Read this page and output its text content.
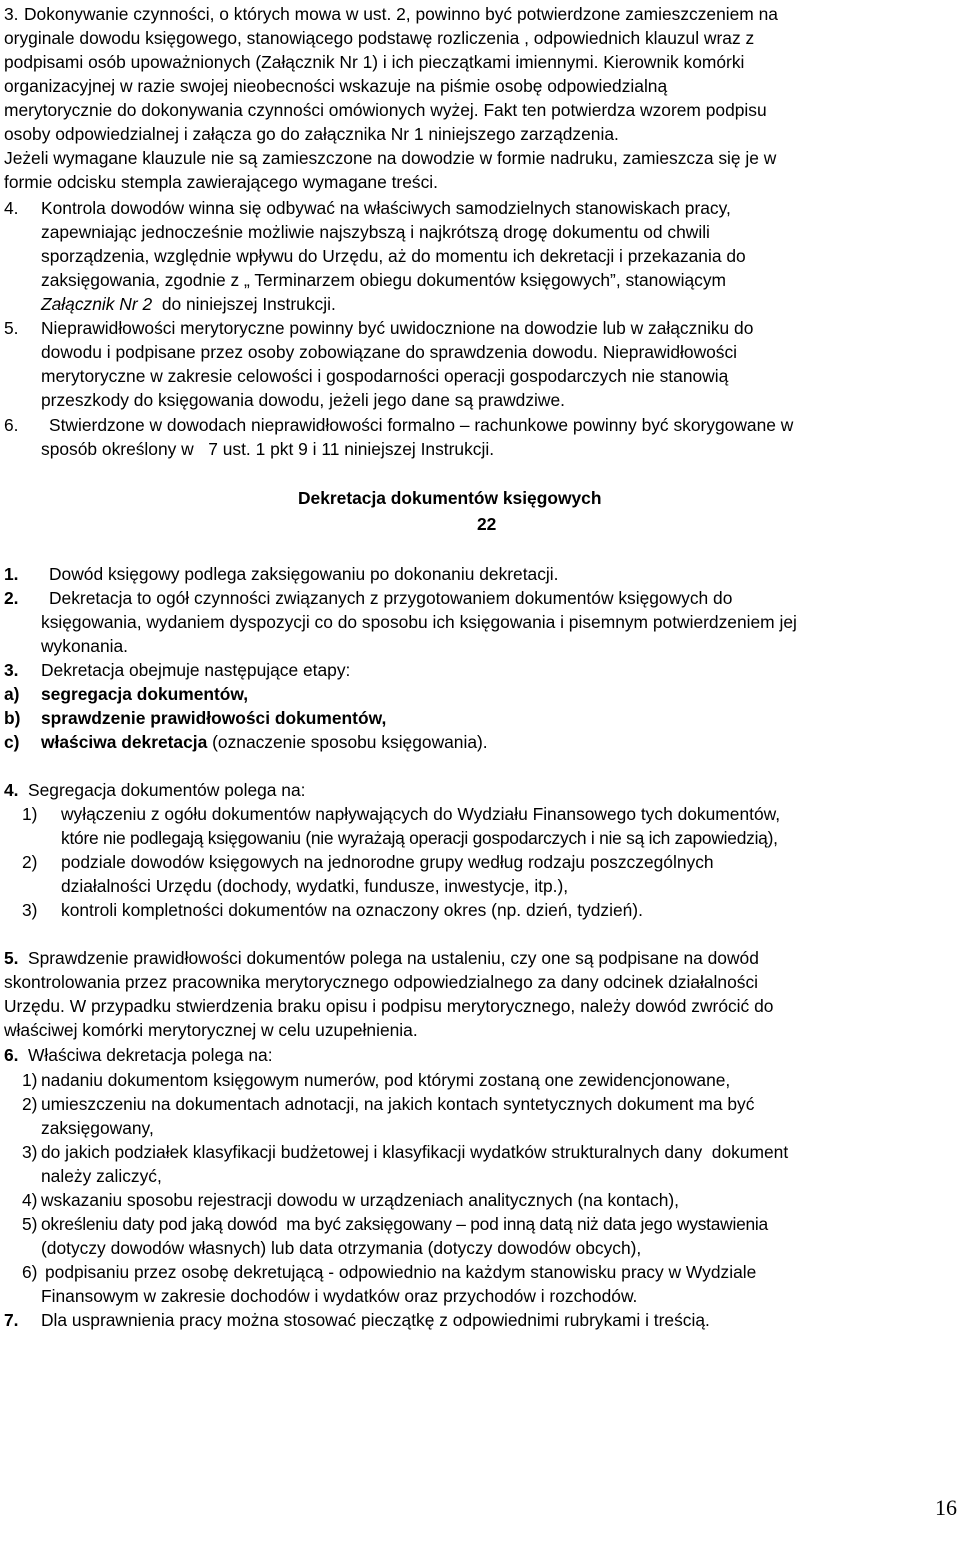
3. Dokonywanie czynności, o których mowa w ust. 2, powinno być potwierdzone zamieszczeniem na
oryginale dowodu księgowego, stanowiącego podstawę rozliczenia , odpowiednich klauzul wraz z
podpisami osób upoważnionych (Załącznik Nr 1) i ich pieczątkami imiennymi. Kierownik komórki
organizacyjnej w razie swojej nieobecności wskazuje na piśmie osobę odpowiedzialną
merytorycznie do dokonywania czynności omówionych wyżej. Fakt ten potwierdza wzorem podpisu
osoby odpowiedzialnej i załącza go do załącznika Nr 1 niniejszego zarządzenia.
Jeżeli wymagane klauzule nie są zamieszczone na dowodzie w formie nadruku, zamieszcza się je w
formie odcisku stempla zawierającego wymagane treści.
4. Kontrola dowodów winna się odbywać na właściwych samodzielnych stanowiskach pracy,
zapewniając jednocześnie możliwie najszybszą i najkrótszą drogę dokumentu od chwili
sporządzenia, względnie wpływu do Urzędu, aż do momentu ich dekretacji i przekazania do
zaksięgowania, zgodnie z „ Terminarzem obiegu dokumentów księgowych”, stanowiącym
Załącznik Nr 2 do niniejszej Instrukcji.
5. Nieprawidłowości merytoryczne powinny być uwidocznione na dowodzie lub w załączniku do
dowodu i podpisane przez osoby zobowiązane do sprawdzenia dowodu. Nieprawidłowości
merytoryczne w zakresie celowości i gospodarności operacji gospodarczych nie stanowią
przeszkody do księgowania dowodu, jeżeli jego dane są prawdziwe.
6. Stwierdzone w dowodach nieprawidłowości formalno – rachunkowe powinny być skorygowane w
sposób określony w 7 ust. 1 pkt 9 i 11 niniejszej Instrukcji.
Dekretacja dokumentów księgowych
22
1. Dowód księgowy podlega zaksięgowaniu po dokonaniu dekretacji.
2. Dekretacja to ogół czynności związanych z przygotowaniem dokumentów księgowych do
księgowania, wydaniem dyspozycji co do sposobu ich księgowania i pisemnym potwierdzeniem jej
wykonania.
3. Dekretacja obejmuje następujące etapy:
a) segregacja dokumentów,
b) sprawdzenie prawidłowości dokumentów,
c) właściwa dekretacja (oznaczenie sposobu księgowania).
4. Segregacja dokumentów polega na:
1) wyłączeniu z ogółu dokumentów napływających do Wydziału Finansowego tych dokumentów,
które nie podlegają księgowaniu (nie wyrażają operacji gospodarczych i nie są ich zapowiedzią),
2) podziale dowodów księgowych na jednorodne grupy według rodzaju poszczególnych
działalności Urzędu (dochody, wydatki, fundusze, inwestycje, itp.),
3) kontroli kompletności dokumentów na oznaczony okres (np. dzień, tydzień).
5. Sprawdzenie prawidłowości dokumentów polega na ustaleniu, czy one są podpisane na dowód
skontrolowania przez pracownika merytorycznego odpowiedzialnego za dany odcinek działalności
Urzędu. W przypadku stwierdzenia braku opisu i podpisu merytorycznego, należy dowód zwrócić do
właściwej komórki merytorycznej w celu uzupełnienia.
6. Właściwa dekretacja polega na:
1) nadaniu dokumentom księgowym numerów, pod którymi zostaną one zewidencjonowane,
2) umieszczeniu na dokumentach adnotacji, na jakich kontach syntetycznych dokument ma być
zaksięgowany,
3) do jakich podziałek klasyfikacji budżetowej i klasyfikacji wydatków strukturalnych dany  dokument
należy zaliczyć,
4) wskazaniu sposobu rejestracji dowodu w urządzeniach analitycznych (na kontach),
5) określeniu daty pod jaką dowód  ma być zaksięgowany – pod inną datą niż data jego wystawienia
(dotyczy dowodów własnych) lub data otrzymania (dotyczy dowodów obcych),
6) podpisaniu przez osobę dekretującą - odpowiednio na każdym stanowisku pracy w Wydziale
Finansowym w zakresie dochodów i wydatków oraz przychodów i rozchodów.
7. Dla usprawnienia pracy można stosować pieczątkę z odpowiednimi rubrykami i treścią.
16
